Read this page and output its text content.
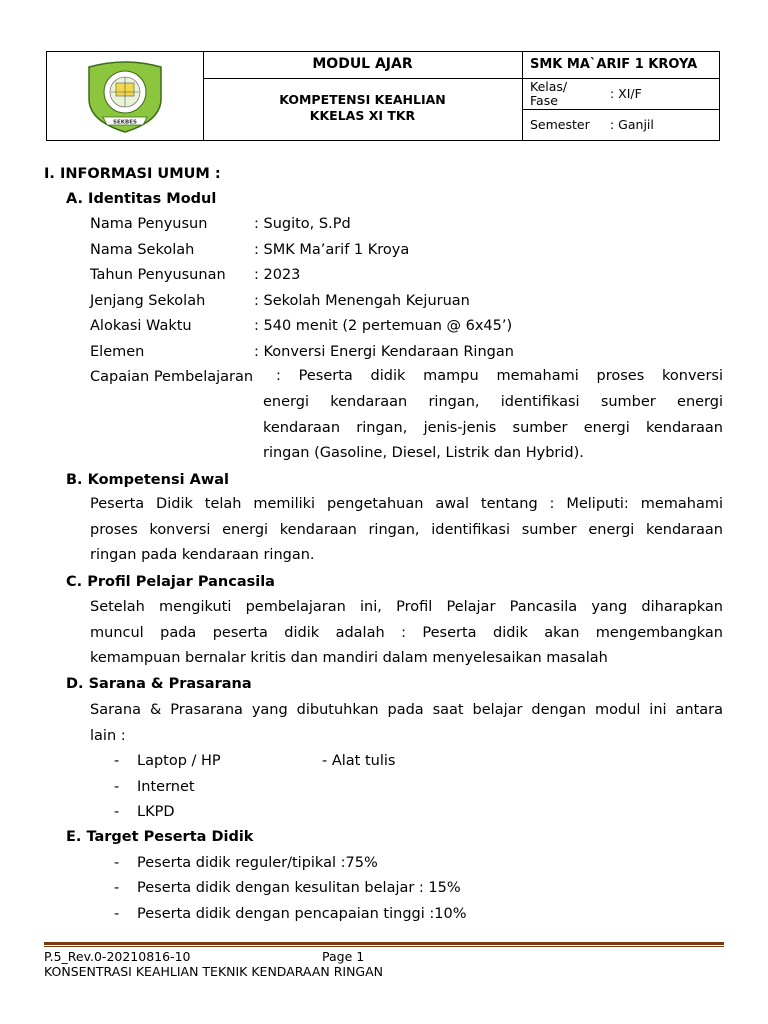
SEKBES
MODUL AJAR
KOMPETENSI KEAHLIAN
KKELAS XI TKR
SMK MA`ARIF 1 KROYA
Kelas/ Fase	: XI/F
Semester : Ganjil
I. INFORMASI UMUM :
A. Identitas Modul
Nama Penyusun	: Sugito, S.Pd
Nama Sekolah	: SMK Ma’arif 1 Kroya
Tahun Penyusunan : 2023
Jenjang Sekolah	: Sekolah Menengah Kejuruan
Alokasi Waktu	: 540 menit (2 pertemuan @ 6x45’)
Elemen	: Konversi Energi Kendaraan Ringan
Capaian Pembelajaran : Peserta didik mampu memahami proses konversi
energi kendaraan ringan, identifikasi sumber energi
kendaraan ringan, jenis-jenis sumber energi kendaraan
ringan (Gasoline, Diesel, Listrik dan Hybrid).
B. Kompetensi Awal
Peserta Didik telah memiliki pengetahuan awal tentang : Meliputi: memahami
proses konversi energi kendaraan ringan, identifikasi sumber energi kendaraan
ringan pada kendaraan ringan.
C. Profil Pelajar Pancasila
Setelah mengikuti pembelajaran ini, Profil Pelajar Pancasila yang diharapkan
muncul pada peserta didik adalah : Peserta didik akan mengembangkan
kemampuan bernalar kritis dan mandiri dalam menyelesaikan masalah
D. Sarana & Prasarana
Sarana & Prasarana yang dibutuhkan pada saat belajar dengan modul ini antara
lain :
- Laptop / HP	- Alat tulis
- Internet
- LKPD
E. Target Peserta Didik
- Peserta didik reguler/tipikal :75%
- Peserta didik dengan kesulitan belajar : 15%
- Peserta didik dengan pencapaian tinggi :10%
P.5_Rev.0-20210816-10	Page 1
KONSENTRASI KEAHLIAN TEKNIK KENDARAAN RINGAN
